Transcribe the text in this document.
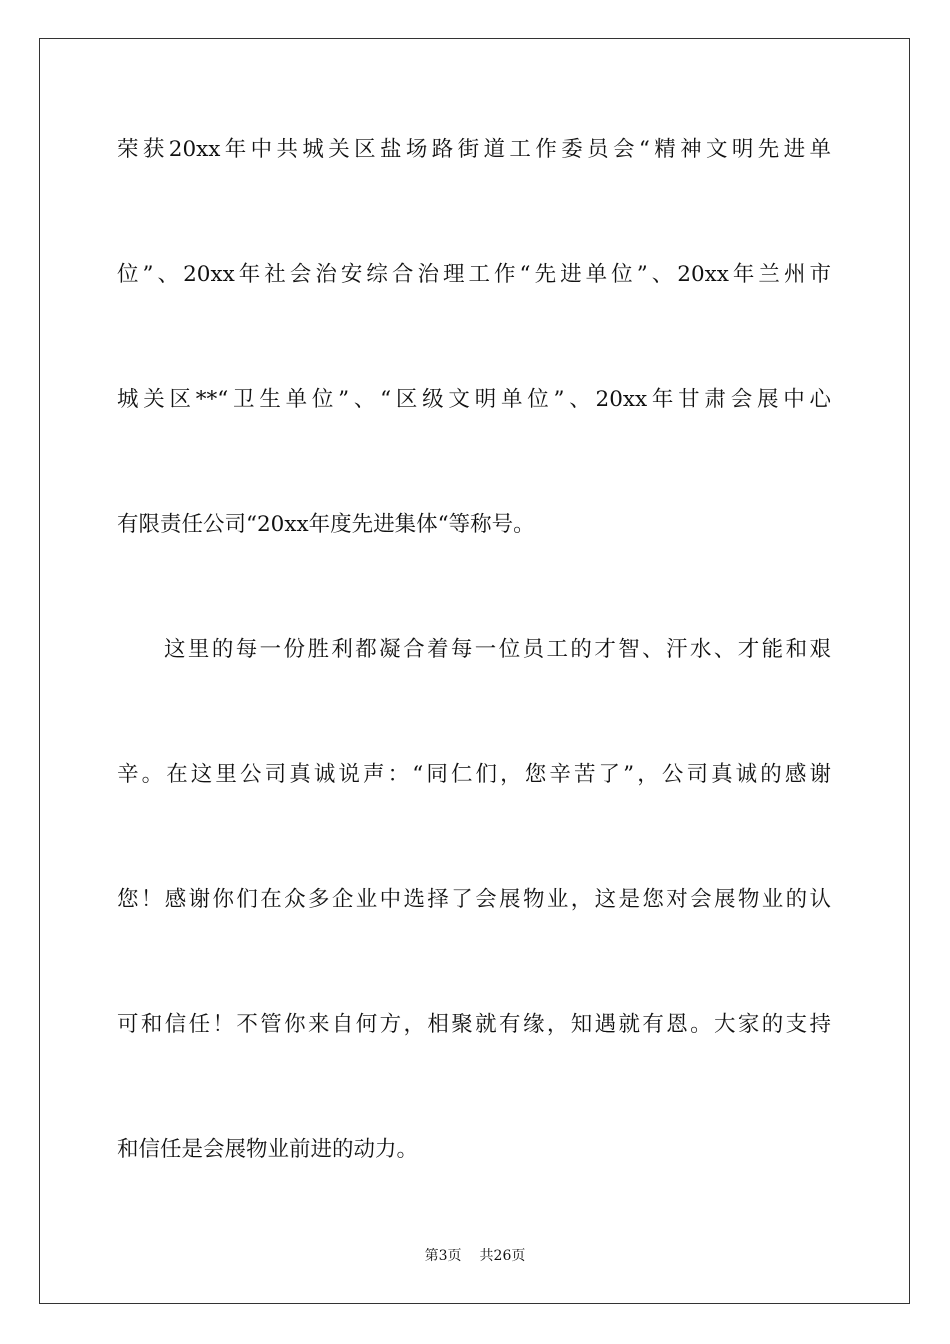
荣获20xx年中共城关区盐场路街道工作委员会“精神文明先进单
位”、20xx年社会治安综合治理工作“先进单位”、20xx年兰州市
城关区**“卫生单位”、“区级文明单位”、20xx年甘肃会展中心
有限责任公司“20xx年度先进集体“等称号。
这里的每一份胜利都凝合着每一位员工的才智、汗水、才能和艰
辛。在这里公司真诚说声：“同仁们，您辛苦了”，公司真诚的感谢
您！感谢你们在众多企业中选择了会展物业，这是您对会展物业的认
可和信任！不管你来自何方，相聚就有缘，知遇就有恩。大家的支持
和信任是会展物业前进的动力。
第3页 共26页
